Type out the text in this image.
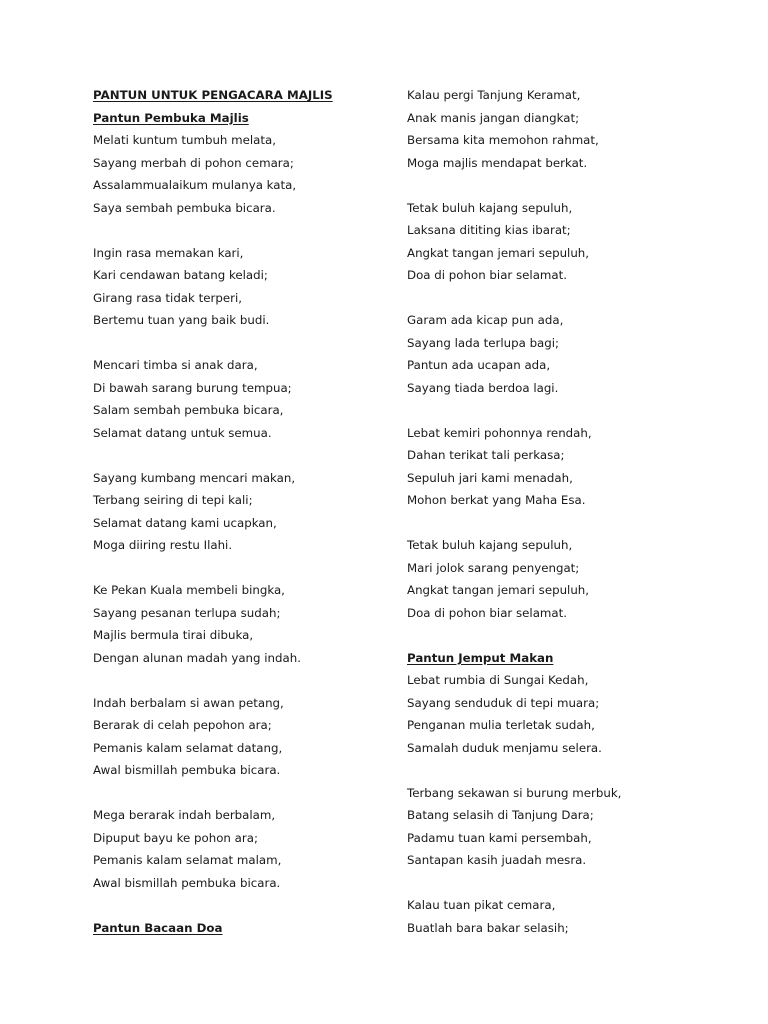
PANTUN UNTUK PENGACARA MAJLIS
Pantun Pembuka Majlis
Melati kuntum tumbuh melata,
Sayang merbah di pohon cemara;
Assalammualaikum mulanya kata,
Saya sembah pembuka bicara.
Ingin rasa memakan kari,
Kari cendawan batang keladi;
Girang rasa tidak terperi,
Bertemu tuan yang baik budi.
Mencari timba si anak dara,
Di bawah sarang burung tempua;
Salam sembah pembuka bicara,
Selamat datang untuk semua.
Sayang kumbang mencari makan,
Terbang seiring di tepi kali;
Selamat datang kami ucapkan,
Moga diiring restu Ilahi.
Ke Pekan Kuala membeli bingka,
Sayang pesanan terlupa sudah;
Majlis bermula tirai dibuka,
Dengan alunan madah yang indah.
Indah berbalam si awan petang,
Berarak di celah pepohon ara;
Pemanis kalam selamat datang,
Awal bismillah pembuka bicara.
Mega berarak indah berbalam,
Dipuput bayu ke pohon ara;
Pemanis kalam selamat malam,
Awal bismillah pembuka bicara.
Pantun Bacaan Doa
Kalau pergi Tanjung Keramat,
Anak manis jangan diangkat;
Bersama kita memohon rahmat,
Moga majlis mendapat berkat.
Tetak buluh kajang sepuluh,
Laksana dititing kias ibarat;
Angkat tangan jemari sepuluh,
Doa di pohon biar selamat.
Garam ada kicap pun ada,
Sayang lada terlupa bagi;
Pantun ada ucapan ada,
Sayang tiada berdoa lagi.
Lebat kemiri pohonnya rendah,
Dahan terikat tali perkasa;
Sepuluh jari kami menadah,
Mohon berkat yang Maha Esa.
Tetak buluh kajang sepuluh,
Mari jolok sarang penyengat;
Angkat tangan jemari sepuluh,
Doa di pohon biar selamat.
Pantun Jemput Makan
Lebat rumbia di Sungai Kedah,
Sayang senduduk di tepi muara;
Penganan mulia terletak sudah,
Samalah duduk menjamu selera.
Terbang sekawan si burung merbuk,
Batang selasih di Tanjung Dara;
Padamu tuan kami persembah,
Santapan kasih juadah mesra.
Kalau tuan pikat cemara,
Buatlah bara bakar selasih;
